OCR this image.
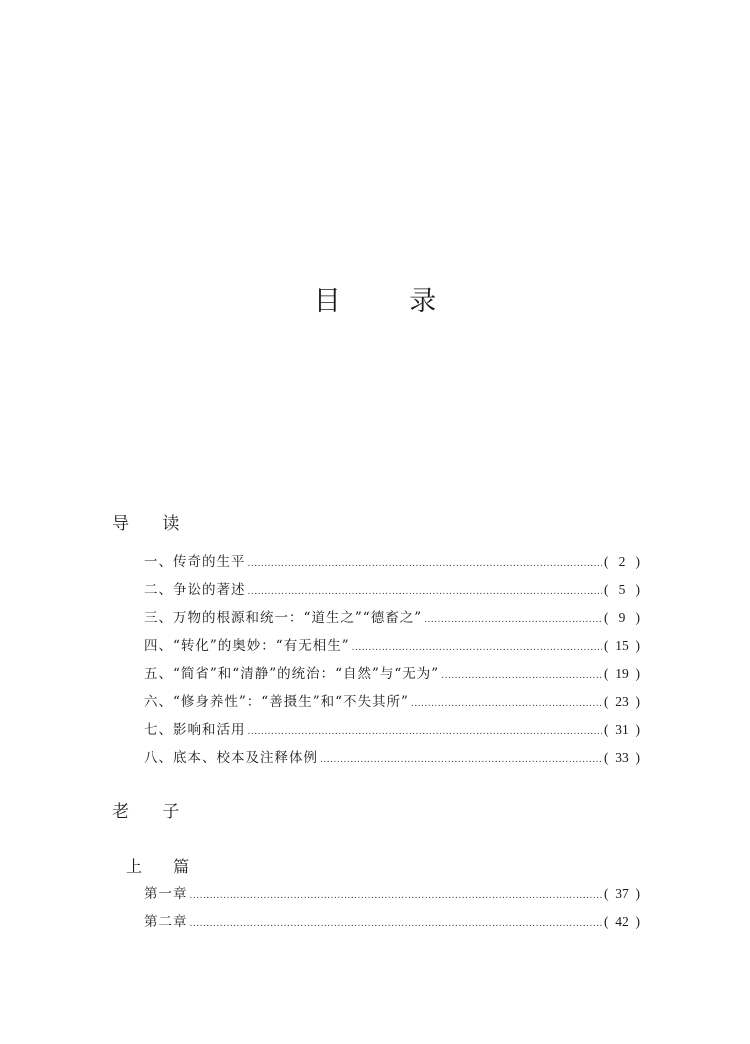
目 录
导 读
一、传奇的生平 .....	( 2 )
二、争讼的著述 .....	( 5 )
三、万物的根源和统一：“道生之”“德畜之” .....	( 9 )
四、“转化”的奥妙：“有无相生” .....	( 15 )
五、“简省”和“清静”的统治：“自然”与“无为” .....	( 19 )
六、“修身养性”：“善摄生”和“不失其所” .....	( 23 )
七、影响和活用 .....	( 31 )
八、底本、校本及注释体例 .....	( 33 )
老 子
上 篇
第一章 .....	( 37 )
第二章 .....	( 42 )
